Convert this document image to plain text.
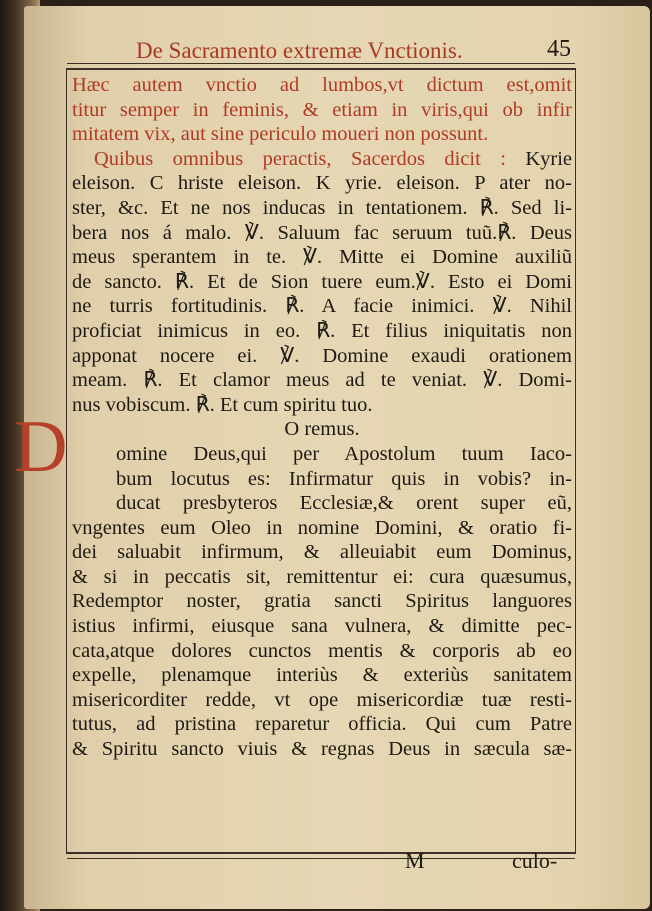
De Sacramento extremæ Vnctionis.	45
D
Hæc autem vnctio ad lumbos,vt dictum est,omit
titur semper in feminis, & etiam in viris,qui ob infir
mitatem vix, aut sine periculo moueri non possunt.
Quibus omnibus peractis, Sacerdos dicit : Kyrie
eleison. C hriste eleison. K yrie. eleison. P ater no-
ster, &c. Et ne nos inducas in tentationem. ℟. Sed li-
bera nos á malo. ℣. Saluum fac seruum tuũ.℟. Deus
meus sperantem in te. ℣. Mitte ei Domine auxiliũ
de sancto. ℟. Et de Sion tuere eum.℣. Esto ei Domi
ne turris fortitudinis. ℟. A facie inimici. ℣. Nihil
proficiat inimicus in eo. ℟. Et filius iniquitatis non
apponat nocere ei. ℣. Domine exaudi orationem
meam. ℟. Et clamor meus ad te veniat. ℣. Domi-
nus vobiscum. ℟. Et cum spiritu tuo.
O remus.
omine Deus,qui per Apostolum tuum Iaco-
bum locutus es: Infirmatur quis in vobis? in-
ducat presbyteros Ecclesiæ,& orent super eũ,
vngentes eum Oleo in nomine Domini, & oratio fi-
dei saluabit infirmum, & alleuiabit eum Dominus,
& si in peccatis sit, remittentur ei: cura quæsumus,
Redemptor noster, gratia sancti Spiritus languores
istius infirmi, eiusque sana vulnera, & dimitte pec-
cata,atque dolores cunctos mentis & corporis ab eo
expelle, plenamque interiùs & exteriùs sanitatem
misericorditer redde, vt ope misericordiæ tuæ resti-
tutus, ad pristina reparetur officia. Qui cum Patre
& Spiritu sancto viuis & regnas Deus in sæcula sæ-
M	culo-
